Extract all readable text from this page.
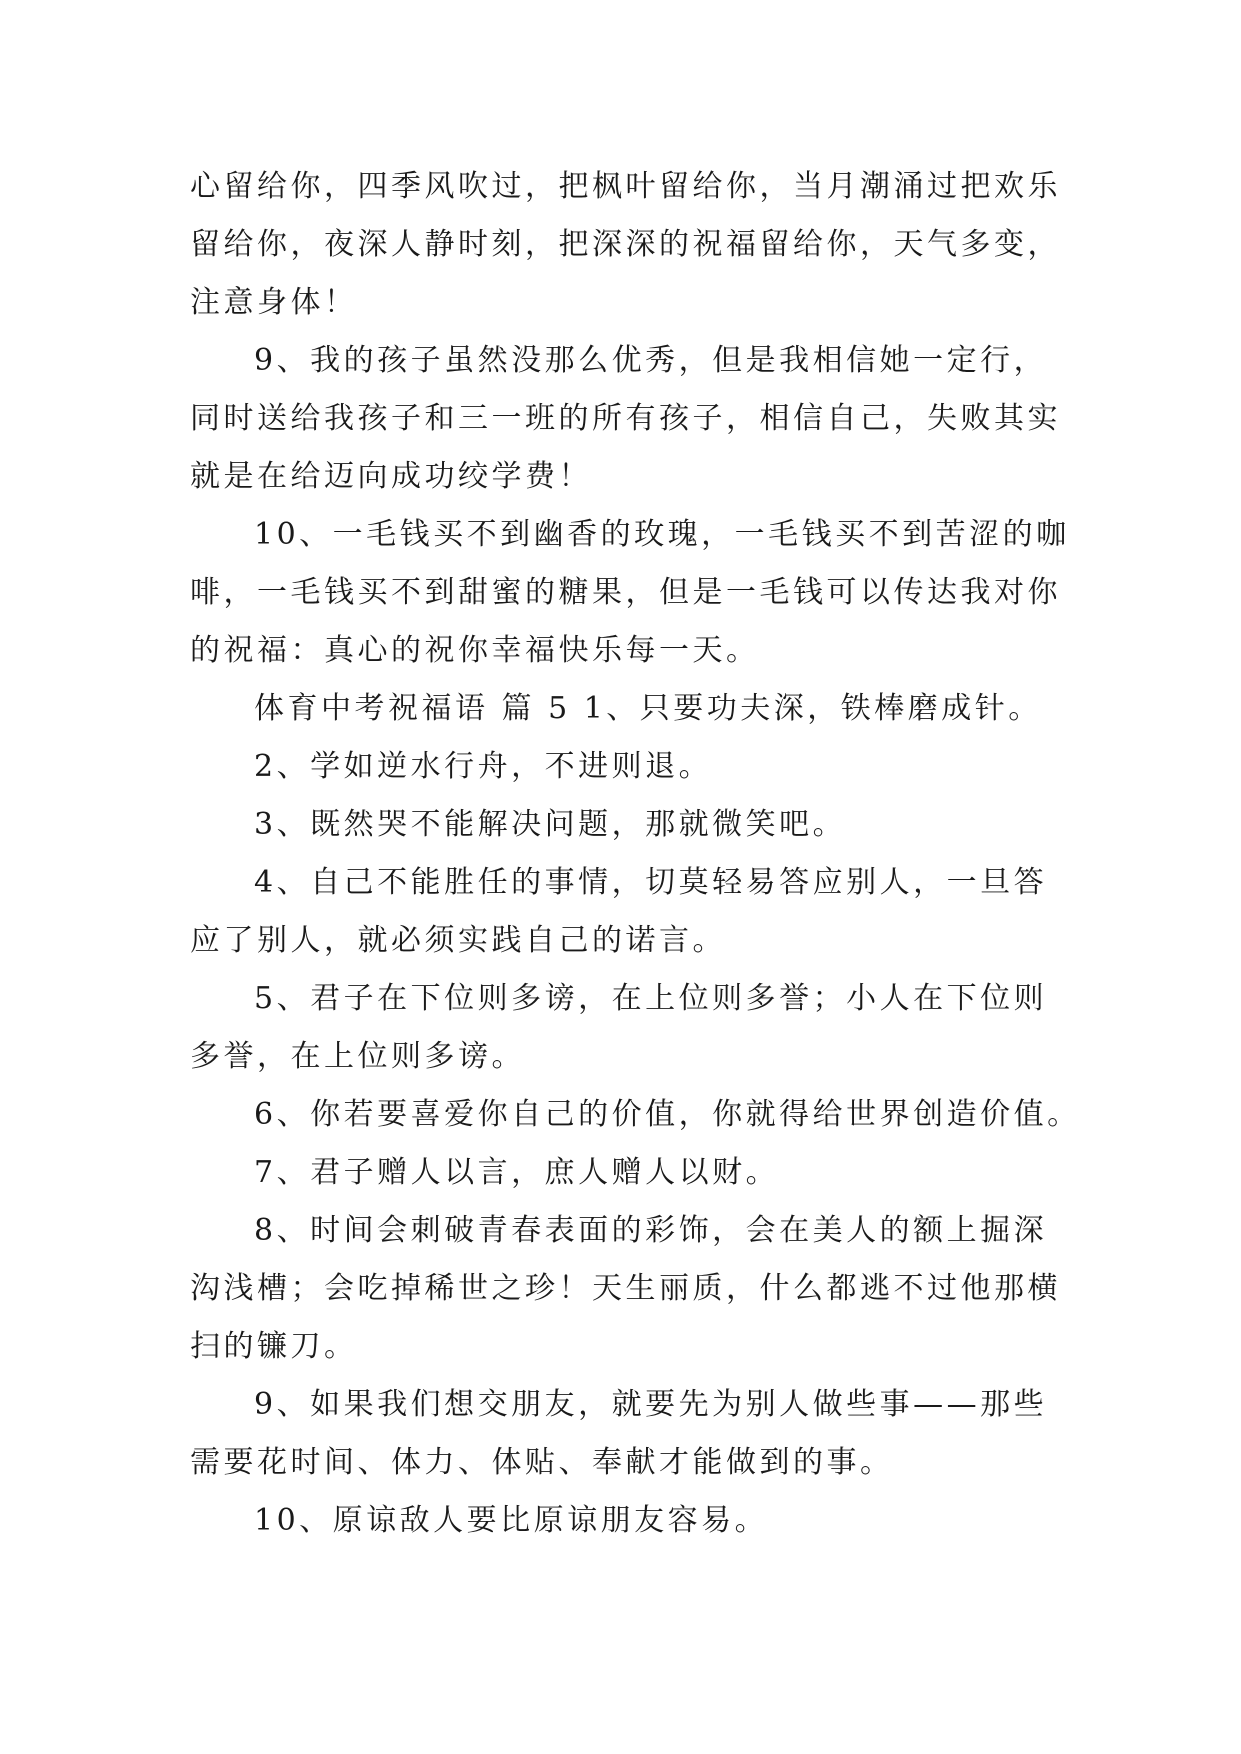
心留给你，四季风吹过，把枫叶留给你，当月潮涌过把欢乐
留给你，夜深人静时刻，把深深的祝福留给你，天气多变，
注意身体！

9、我的孩子虽然没那么优秀，但是我相信她一定行，
同时送给我孩子和三一班的所有孩子，相信自己，失败其实
就是在给迈向成功绞学费！

10、一毛钱买不到幽香的玫瑰，一毛钱买不到苦涩的咖
啡，一毛钱买不到甜蜜的糖果，但是一毛钱可以传达我对你
的祝福：真心的祝你幸福快乐每一天。

体育中考祝福语 篇 5 1、只要功夫深，铁棒磨成针。

2、学如逆水行舟，不进则退。

3、既然哭不能解决问题，那就微笑吧。

4、自己不能胜任的事情，切莫轻易答应别人，一旦答
应了别人，就必须实践自己的诺言。

5、君子在下位则多谤，在上位则多誉；小人在下位则
多誉，在上位则多谤。

6、你若要喜爱你自己的价值，你就得给世界创造价值。

7、君子赠人以言，庶人赠人以财。

8、时间会刺破青春表面的彩饰，会在美人的额上掘深
沟浅槽；会吃掉稀世之珍！天生丽质，什么都逃不过他那横
扫的镰刀。

9、如果我们想交朋友，就要先为别人做些事——那些
需要花时间、体力、体贴、奉献才能做到的事。

10、原谅敌人要比原谅朋友容易。
